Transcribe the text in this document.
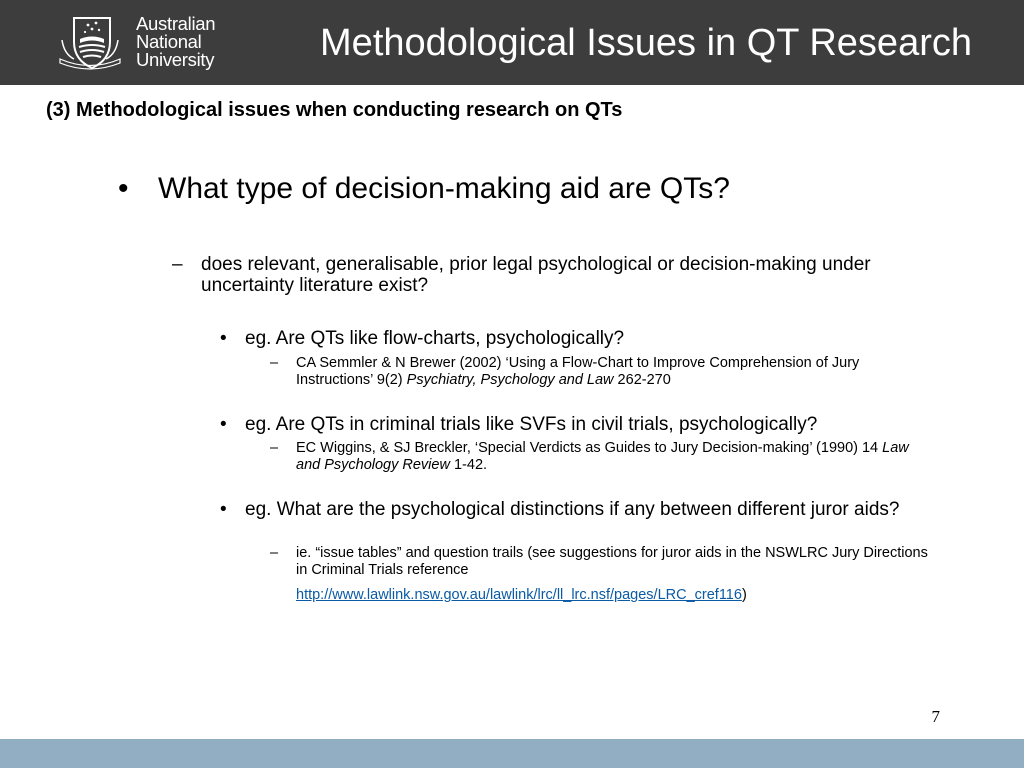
Australian
National
University	Methodological Issues in QT Research
(3) Methodological issues when conducting research on QTs
• What type of decision-making aid are QTs?
– does relevant, generalisable, prior legal psychological or decision-making under uncertainty literature exist?
• eg. Are QTs like flow-charts, psychologically?
– CA Semmler & N Brewer (2002) ‘Using a Flow-Chart to Improve Comprehension of Jury Instructions’ 9(2) Psychiatry, Psychology and Law 262-270
• eg. Are QTs in criminal trials like SVFs in civil trials, psychologically?
– EC Wiggins, & SJ Breckler, ‘Special Verdicts as Guides to Jury Decision-making’ (1990) 14 Law and Psychology Review 1-42.
• eg. What are the psychological distinctions if any between different juror aids?
– ie. “issue tables” and question trails (see suggestions for juror aids in the NSWLRC Jury Directions in Criminal Trials reference
http://www.lawlink.nsw.gov.au/lawlink/lrc/ll_lrc.nsf/pages/LRC_cref116)
7
